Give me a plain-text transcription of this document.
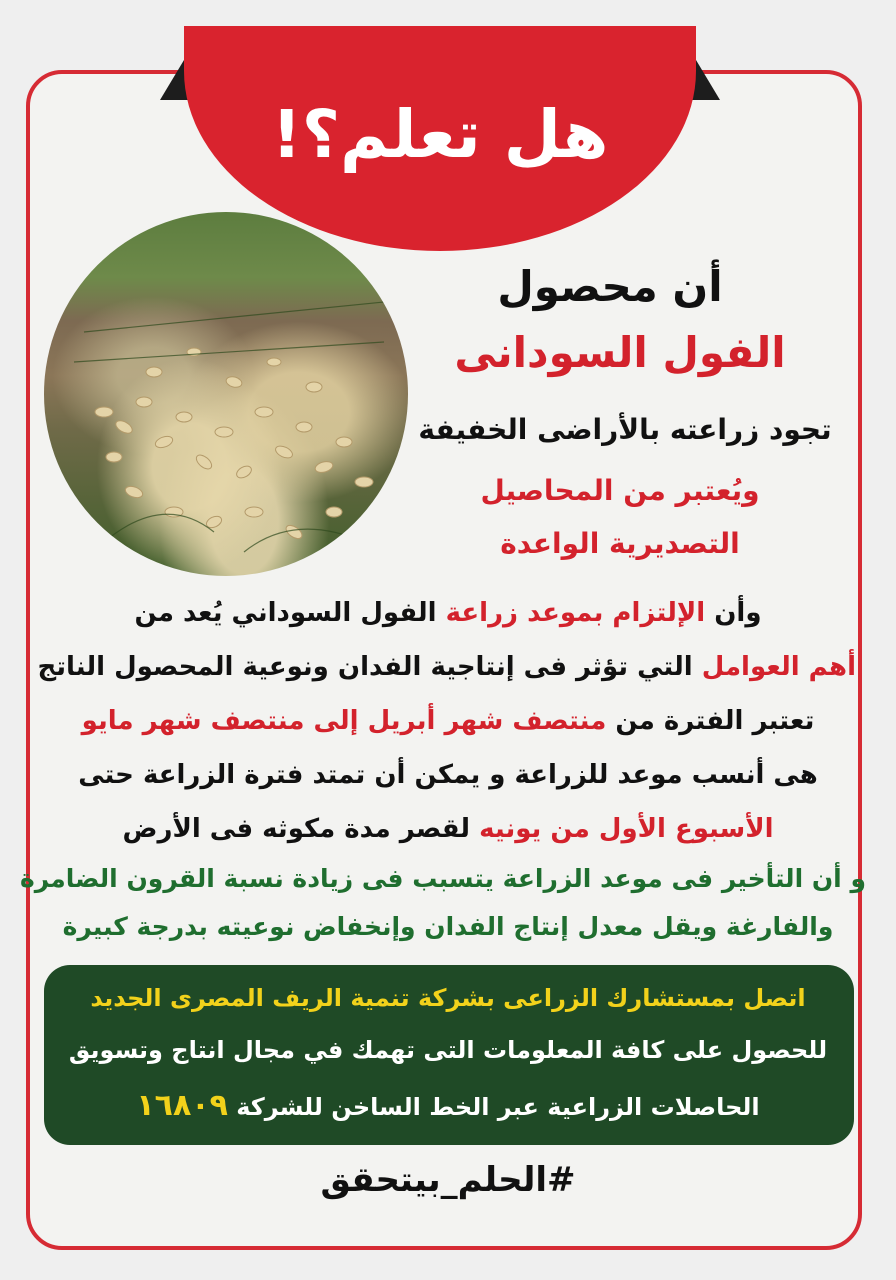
هل تعلم؟!
أن محصول
الفول السودانى
تجود زراعته بالأراضى الخفيفة
ويُعتبر من المحاصيل
التصديرية الواعدة
وأن الإلتزام بموعد زراعة الفول السوداني يُعد من
أهم العوامل التي تؤثر فى إنتاجية الفدان ونوعية المحصول الناتج
تعتبر الفترة من منتصف شهر أبريل إلى منتصف شهر مايو
هى أنسب موعد للزراعة و يمكن أن تمتد فترة الزراعة حتى
الأسبوع الأول من يونيه لقصر مدة مكوثه فى الأرض
و أن التأخير فى موعد الزراعة يتسبب فى زيادة نسبة القرون الضامرة
والفارغة ويقل معدل إنتاج الفدان وإنخفاض نوعيته بدرجة كبيرة
اتصل بمستشارك الزراعى بشركة تنمية الريف المصرى الجديد
للحصول على كافة المعلومات التى تهمك في مجال انتاج وتسويق
الحاصلات الزراعية عبر الخط الساخن للشركة ١٦٨٠٩
#الحلم_بيتحقق
